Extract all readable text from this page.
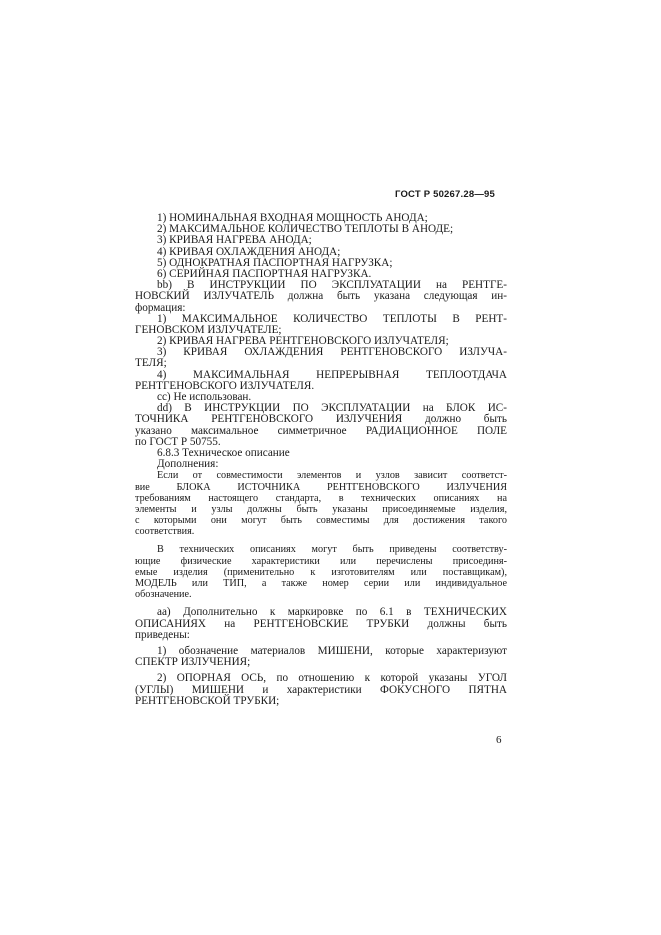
ГОСТ Р 50267.28—95
1) НОМИНАЛЬНАЯ ВХОДНАЯ МОЩНОСТЬ АНОДА;
2) МАКСИМАЛЬНОЕ КОЛИЧЕСТВО ТЕПЛОТЫ В АНОДЕ;
3) КРИВАЯ НАГРЕВА АНОДА;
4) КРИВАЯ ОХЛАЖДЕНИЯ АНОДА;
5) ОДНОКРАТНАЯ ПАСПОРТНАЯ НАГРУЗКА;
6) СЕРИЙНАЯ ПАСПОРТНАЯ НАГРУЗКА.
bb) В ИНСТРУКЦИИ ПО ЭКСПЛУАТАЦИИ на РЕНТГЕ-
НОВСКИЙ ИЗЛУЧАТЕЛЬ должна быть указана следующая ин-
формация:
1) МАКСИМАЛЬНОЕ КОЛИЧЕСТВО ТЕПЛОТЫ В РЕНТ-
ГЕНОВСКОМ ИЗЛУЧАТЕЛЕ;
2) КРИВАЯ НАГРЕВА РЕНТГЕНОВСКОГО ИЗЛУЧАТЕЛЯ;
3) КРИВАЯ ОХЛАЖДЕНИЯ РЕНТГЕНОВСКОГО ИЗЛУЧА-
ТЕЛЯ;
4) МАКСИМАЛЬНАЯ НЕПРЕРЫВНАЯ ТЕПЛООТДАЧА
РЕНТГЕНОВСКОГО ИЗЛУЧАТЕЛЯ.
cc) Не использован.
dd) В ИНСТРУКЦИИ ПО ЭКСПЛУАТАЦИИ на БЛОК ИС-
ТОЧНИКА РЕНТГЕНОВСКОГО ИЗЛУЧЕНИЯ должно быть
указано максимальное симметричное РАДИАЦИОННОЕ ПОЛЕ
по ГОСТ Р 50755.
6.8.3 Техническое описание
Дополнения:
Если от совместимости элементов и узлов зависит соответст-
вие БЛОКА ИСТОЧНИКА РЕНТГЕНОВСКОГО ИЗЛУЧЕНИЯ
требованиям настоящего стандарта, в технических описаниях на
элементы и узлы должны быть указаны присоединяемые изделия,
с которыми они могут быть совместимы для достижения такого
соответствия.
В технических описаниях могут быть приведены соответству-
ющие физические характеристики или перечислены присоединя-
емые изделия (применительно к изготовителям или поставщикам),
МОДЕЛЬ или ТИП, а также номер серии или индивидуальное
обозначение.
аа) Дополнительно к маркировке по 6.1 в ТЕХНИЧЕСКИХ
ОПИСАНИЯХ на РЕНТГЕНОВСКИЕ ТРУБКИ должны быть
приведены:
1) обозначение материалов МИШЕНИ, которые характеризуют
СПЕКТР ИЗЛУЧЕНИЯ;
2) ОПОРНАЯ ОСЬ, по отношению к которой указаны УГОЛ
(УГЛЫ) МИШЕНИ и характеристики ФОКУСНОГО ПЯТНА
РЕНТГЕНОВСКОЙ ТРУБКИ;
6
